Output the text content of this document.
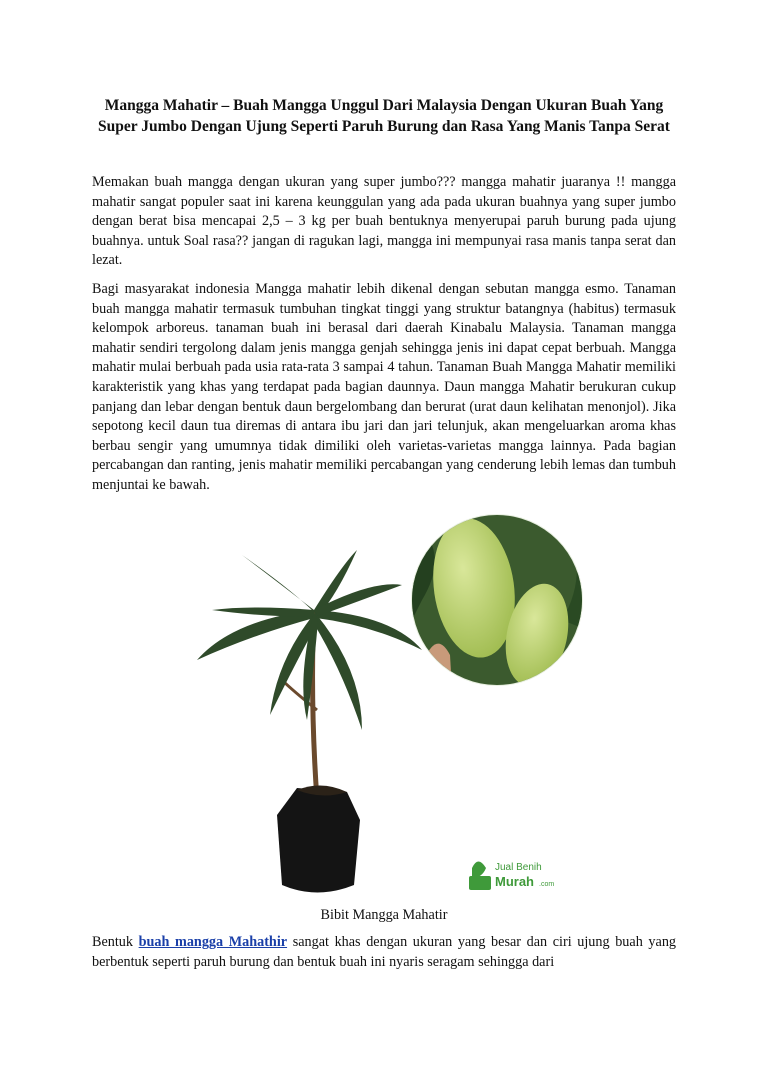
Mangga Mahatir – Buah Mangga Unggul Dari Malaysia Dengan Ukuran Buah Yang Super Jumbo Dengan Ujung Seperti Paruh Burung dan Rasa Yang Manis Tanpa Serat
Memakan buah mangga dengan ukuran yang super jumbo??? mangga mahatir juaranya !! mangga mahatir sangat populer saat ini karena keunggulan yang ada pada ukuran buahnya yang super jumbo dengan berat bisa mencapai 2,5 – 3 kg per buah bentuknya menyerupai paruh burung pada ujung buahnya. untuk Soal rasa?? jangan di ragukan lagi, mangga ini mempunyai rasa manis tanpa serat dan lezat.
Bagi masyarakat indonesia Mangga mahatir lebih dikenal dengan sebutan mangga esmo. Tanaman buah mangga mahatir termasuk tumbuhan tingkat tinggi yang struktur batangnya (habitus) termasuk kelompok arboreus. tanaman buah ini berasal dari daerah Kinabalu Malaysia. Tanaman mangga mahatir sendiri tergolong dalam jenis mangga genjah sehingga jenis ini dapat cepat berbuah. Mangga mahatir mulai berbuah pada usia rata-rata 3 sampai 4 tahun. Tanaman Buah Mangga Mahatir memiliki karakteristik yang khas yang terdapat pada bagian daunnya. Daun mangga Mahatir berukuran cukup panjang dan lebar dengan bentuk daun bergelombang dan berurat (urat daun kelihatan menonjol). Jika sepotong kecil daun tua diremas di antara ibu jari dan jari telunjuk, akan mengeluarkan aroma khas berbau sengir yang umumnya tidak dimiliki oleh varietas-varietas mangga lainnya. Pada bagian percabangan dan ranting, jenis mahatir memiliki percabangan yang cenderung lebih lemas dan tumbuh menjuntai ke bawah.
Jual Benih
Murah .com
Bibit Mangga Mahatir
Bentuk buah mangga Mahathir sangat khas dengan ukuran yang besar dan ciri ujung buah yang berbentuk seperti paruh burung dan bentuk buah ini nyaris seragam sehingga dari
